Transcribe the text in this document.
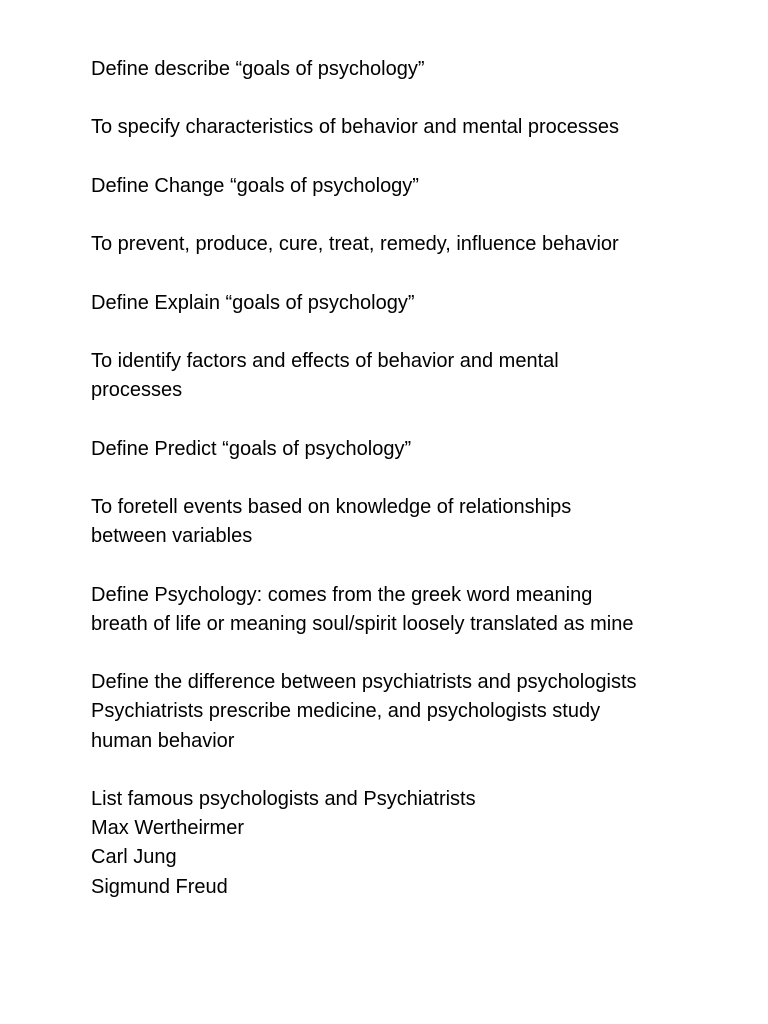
Define describe “goals of psychology”

To specify characteristics of behavior and mental processes

Define Change “goals of psychology”

To prevent, produce, cure, treat, remedy, influence behavior

Define Explain “goals of psychology”

To identify factors and effects of behavior and mental
processes

Define Predict “goals of psychology”

To foretell events based on knowledge of relationships
between variables

Define Psychology: comes from the greek word meaning
breath of life or meaning soul/spirit loosely translated as mine

Define the difference between psychiatrists and psychologists
Psychiatrists prescribe medicine, and psychologists study
human behavior

List famous psychologists and Psychiatrists
Max Wertheirmer
Carl Jung
Sigmund Freud
